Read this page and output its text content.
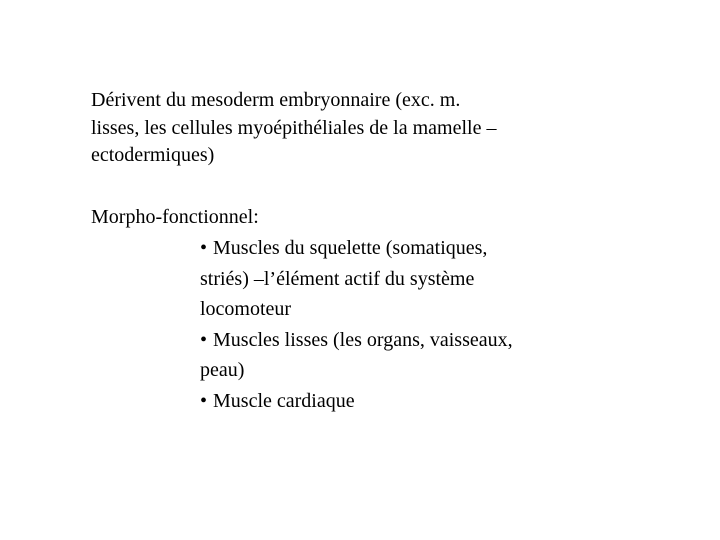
Dérivent du mesoderm embryonnaire (exc. m.
lisses, les cellules myoépithéliales de la mamelle –
ectodermiques)
Morpho-fonctionnel:
• Muscles du squelette (somatiques,
striés) –l’élément actif du système
locomoteur
• Muscles lisses (les organs, vaisseaux,
peau)
• Muscle cardiaque
